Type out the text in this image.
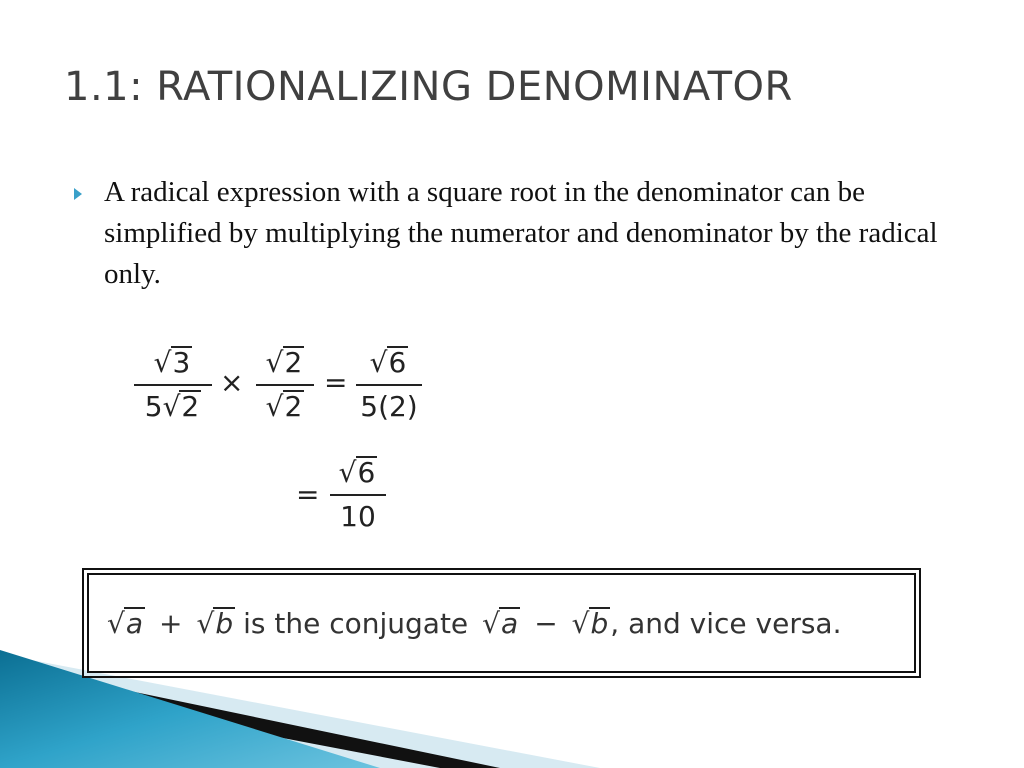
1.1: RATIONALIZING DENOMINATOR

A radical expression with a square root in the denominator can be simplified by multiplying the numerator and denominator by the radical only.

√3
5√2
×
√2
√2
=
√6
5(2)
=
√6
10
√ a + √ b is the conjugate √ a − √ b , and vice versa.
